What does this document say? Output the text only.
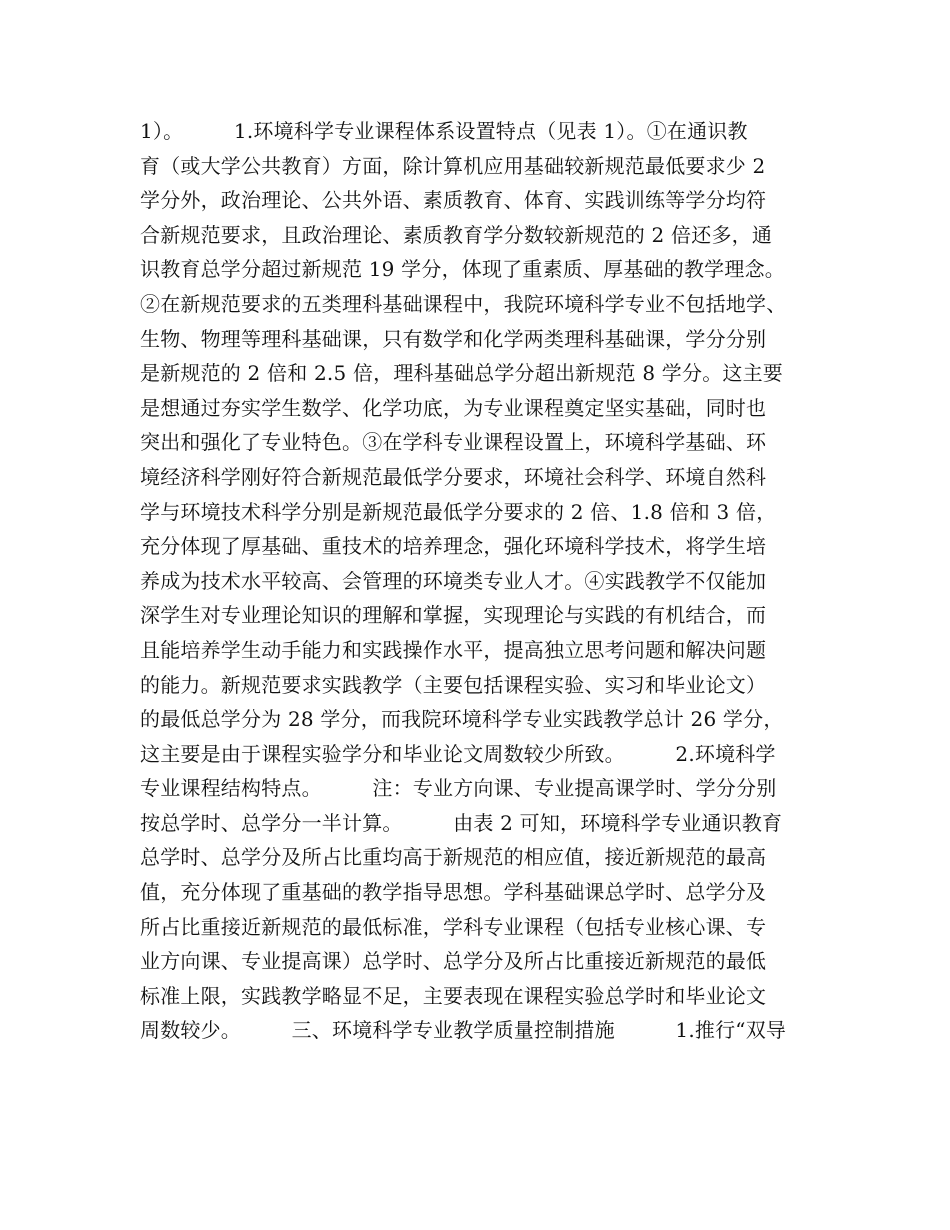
1）。　　　1.环境科学专业课程体系设置特点（见表 1）。①在通识教
育（或大学公共教育）方面，除计算机应用基础较新规范最低要求少 2
学分外，政治理论、公共外语、素质教育、体育、实践训练等学分均符
合新规范要求，且政治理论、素质教育学分数较新规范的 2 倍还多，通
识教育总学分超过新规范 19 学分，体现了重素质、厚基础的教学理念。
②在新规范要求的五类理科基础课程中，我院环境科学专业不包括地学、
生物、物理等理科基础课，只有数学和化学两类理科基础课，学分分别
是新规范的 2 倍和 2.5 倍，理科基础总学分超出新规范 8 学分。这主要
是想通过夯实学生数学、化学功底，为专业课程奠定坚实基础，同时也
突出和强化了专业特色。③在学科专业课程设置上，环境科学基础、环
境经济科学刚好符合新规范最低学分要求，环境社会科学、环境自然科
学与环境技术科学分别是新规范最低学分要求的 2 倍、1.8 倍和 3 倍，
充分体现了厚基础、重技术的培养理念，强化环境科学技术，将学生培
养成为技术水平较高、会管理的环境类专业人才。④实践教学不仅能加
深学生对专业理论知识的理解和掌握，实现理论与实践的有机结合，而
且能培养学生动手能力和实践操作水平，提高独立思考问题和解决问题
的能力。新规范要求实践教学（主要包括课程实验、实习和毕业论文）
的最低总学分为 28 学分，而我院环境科学专业实践教学总计 26 学分，
这主要是由于课程实验学分和毕业论文周数较少所致。　　　2.环境科学
专业课程结构特点。　　　注：专业方向课、专业提高课学时、学分分别
按总学时、总学分一半计算。　　　由表 2 可知，环境科学专业通识教育
总学时、总学分及所占比重均高于新规范的相应值，接近新规范的最高
值，充分体现了重基础的教学指导思想。学科基础课总学时、总学分及
所占比重接近新规范的最低标准，学科专业课程（包括专业核心课、专
业方向课、专业提高课）总学时、总学分及所占比重接近新规范的最低
标准上限，实践教学略显不足，主要表现在课程实验总学时和毕业论文
周数较少。　　　三、环境科学专业教学质量控制措施　　　1.推行“双导
